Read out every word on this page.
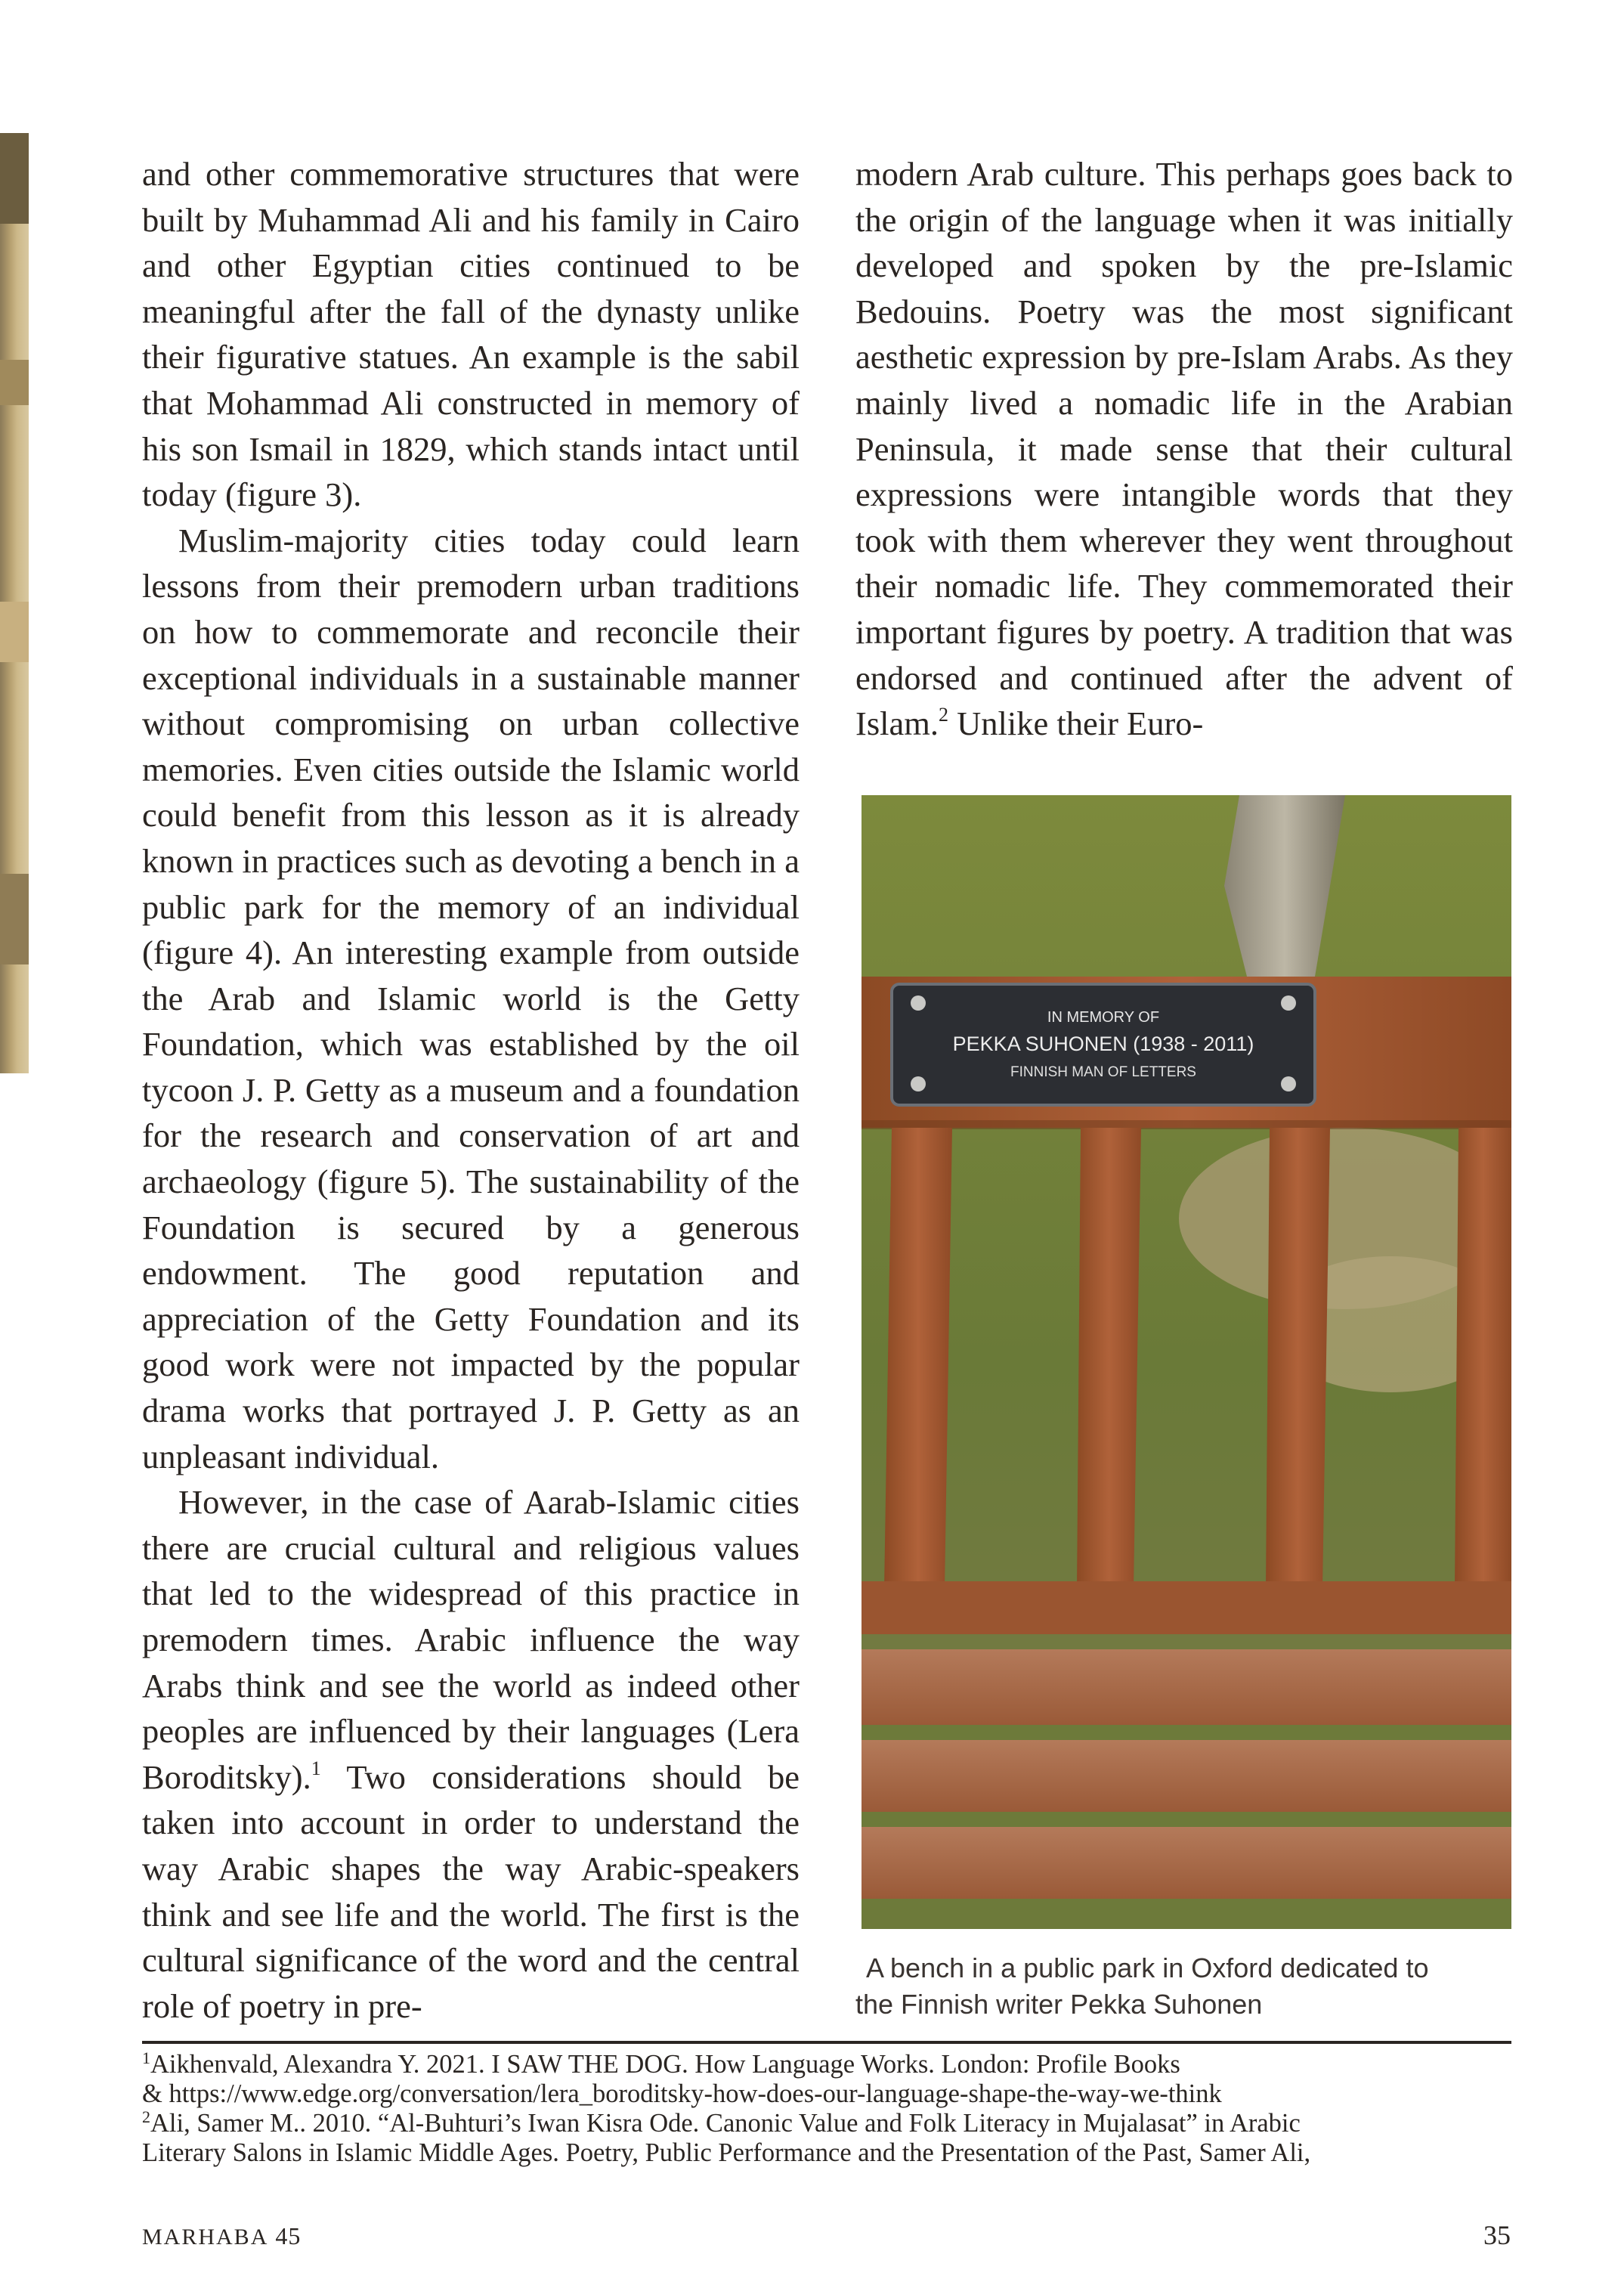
and other commemorative structures that were built by Muhammad Ali and his family in Cairo and other Egyptian cities continued to be meaningful after the fall of the dynasty unlike their figurative statues. An example is the sabil that Mohammad Ali constructed in memory of his son Ismail in 1829, which stands intact until today (figure 3).

Muslim-majority cities today could learn lessons from their premodern urban traditions on how to commemorate and reconcile their exceptional individuals in a sustainable manner without compromising on urban collective memories. Even cities outside the Islamic world could benefit from this lesson as it is already known in practices such as devoting a bench in a public park for the memory of an individual (figure 4). An interesting example from outside the Arab and Islamic world is the Getty Foundation, which was established by the oil tycoon J. P. Getty as a museum and a foundation for the research and conservation of art and archaeology (figure 5). The sustainability of the Foundation is secured by a generous endowment. The good reputation and appreciation of the Getty Foundation and its good work were not impacted by the popular drama works that portrayed J. P. Getty as an unpleasant individual.

However, in the case of Aarab-Islamic cities there are crucial cultural and religious values that led to the widespread of this practice in premodern times. Arabic influence the way Arabs think and see the world as indeed other peoples are influenced by their languages (Lera Boroditsky).$^1$ Two considerations should be taken into account in order to understand the way Arabic shapes the way Arabic-speakers think and see life and the world. The first is the cultural significance of the word and the central role of poetry in pre-

modern Arab culture. This perhaps goes back to the origin of the language when it was initially developed and spoken by the pre-Islamic Bedouins. Poetry was the most significant aesthetic expression by pre-Islam Arabs. As they mainly lived a nomadic life in the Arabian Peninsula, it made sense that their cultural expressions were intangible words that they took with them wherever they went throughout their nomadic life. They commemorated their important figures by poetry. A tradition that was endorsed and continued after the advent of Islam.$^2$ Unlike their Euro-

IN MEMORY OF
PEKKA SUHONEN (1938 - 2011)
FINNISH MAN OF LETTERS
A bench in a public park in Oxford dedicated to
the Finnish writer Pekka Suhonen
$^1$Aikhenvald, Alexandra Y. 2021. I SAW THE DOG. How Language Works. London: Profile Books
& https://www.edge.org/conversation/lera_boroditsky-how-does-our-language-shape-the-way-we-think
$^2$Ali, Samer M.. 2010. “Al-Buhturi’s Iwan Kisra Ode. Canonic Value and Folk Literacy in Mujalasat” in Arabic
Literary Salons in Islamic Middle Ages. Poetry, Public Performance and the Presentation of the Past, Samer Ali,
MARHABA 45	35
